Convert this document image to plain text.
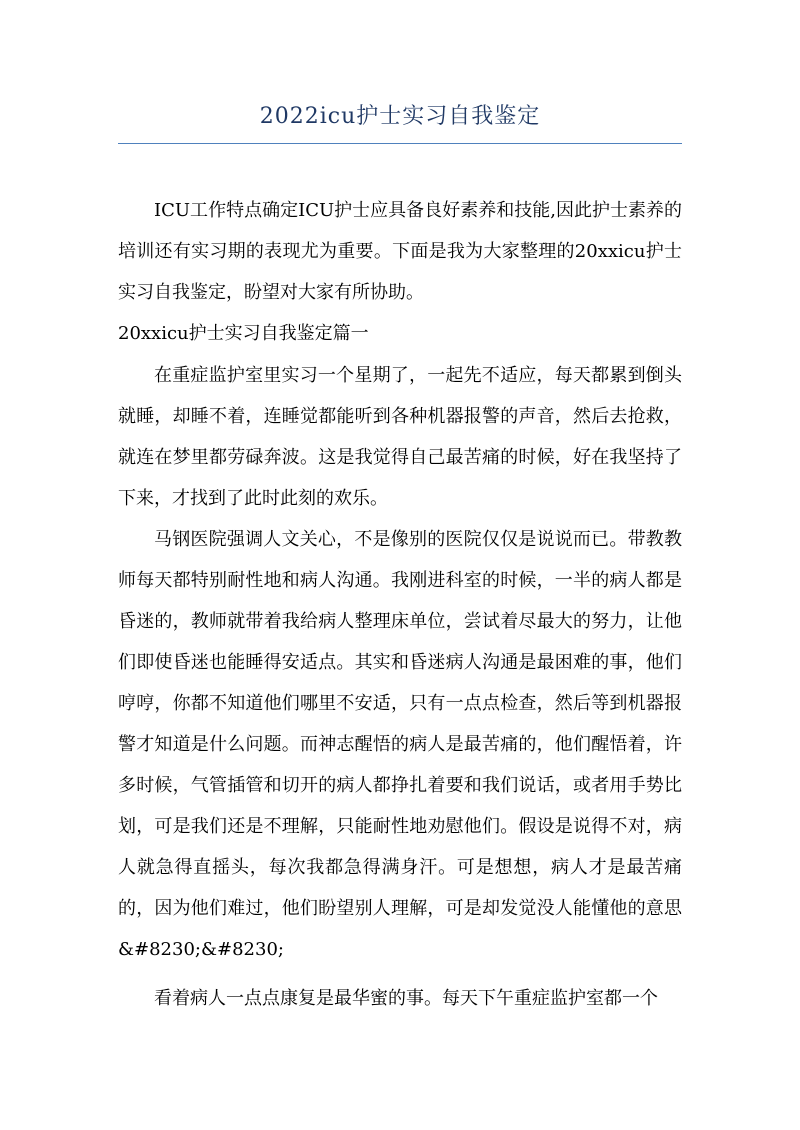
2022icu护士实习自我鉴定

ICU工作特点确定ICU护士应具备良好素养和技能,因此护士素养的培训还有实习期的表现尤为重要。下面是我为大家整理的20xxicu护士实习自我鉴定，盼望对大家有所协助。

20xxicu护士实习自我鉴定篇一

在重症监护室里实习一个星期了，一起先不适应，每天都累到倒头就睡，却睡不着，连睡觉都能听到各种机器报警的声音，然后去抢救，就连在梦里都劳碌奔波。这是我觉得自己最苦痛的时候，好在我坚持了下来，才找到了此时此刻的欢乐。

马钢医院强调人文关心，不是像别的医院仅仅是说说而已。带教教师每天都特别耐性地和病人沟通。我刚进科室的时候，一半的病人都是昏迷的，教师就带着我给病人整理床单位，尝试着尽最大的努力，让他们即使昏迷也能睡得安适点。其实和昏迷病人沟通是最困难的事，他们哼哼，你都不知道他们哪里不安适，只有一点点检查，然后等到机器报警才知道是什么问题。而神志醒悟的病人是最苦痛的，他们醒悟着，许多时候，气管插管和切开的病人都挣扎着要和我们说话，或者用手势比划，可是我们还是不理解，只能耐性地劝慰他们。假设是说得不对，病人就急得直摇头，每次我都急得满身汗。可是想想，病人才是最苦痛的，因为他们难过，他们盼望别人理解，可是却发觉没人能懂他的意思&#8230;&#8230;

看着病人一点点康复是最华蜜的事。每天下午重症监护室都一个
